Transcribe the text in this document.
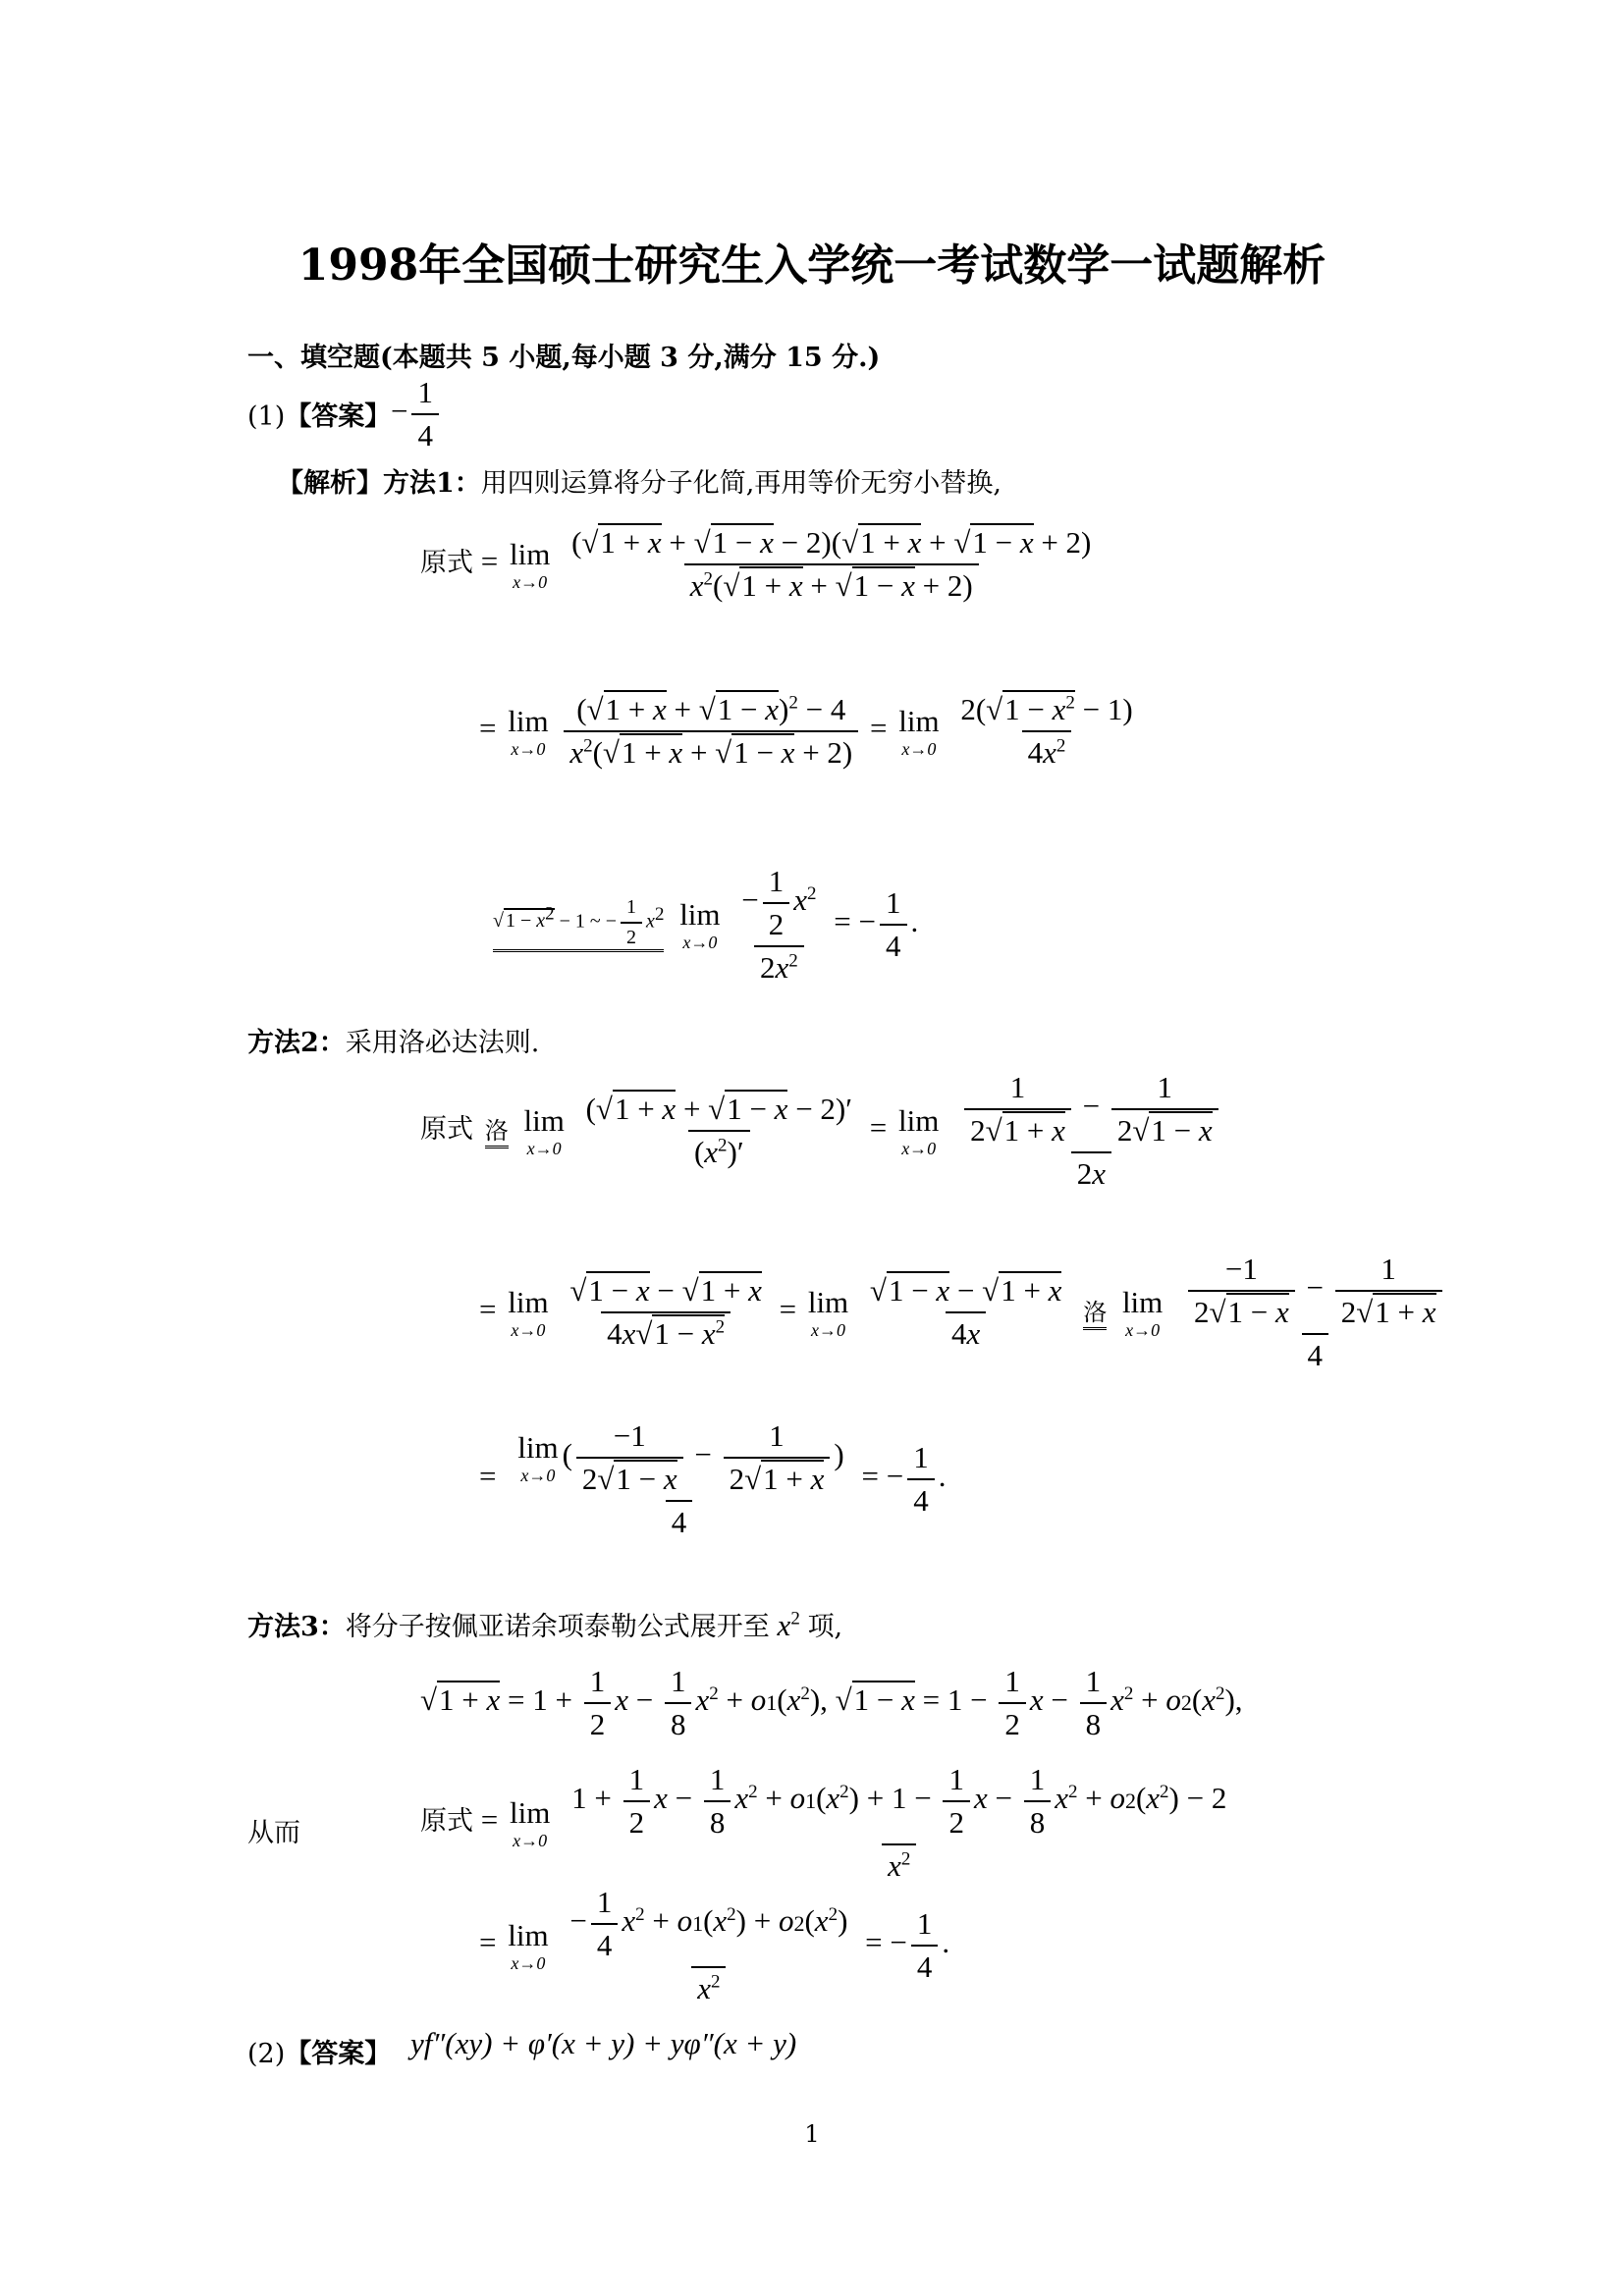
1998年全国硕士研究生入学统一考试数学一试题解析
一、填空题(本题共 5 小题,每小题 3 分,满分 15 分.)
(1)【答案】 − $\frac{1}{4}$
【解析】方法1：用四则运算将分子化简,再用等价无穷小替换,
原式 = lim
x→0
$\frac{( √ 1 + x + √ 1 - x - 2)( √ 1 + x + √ 1 - x + 2)}{x^2( √ 1 + x + √ 1 - x + 2)}$
= lim
x→0
$\frac{( √ 1 + x + √ 1 - x)^2 - 4}{x^2( √ 1 + x + √ 1 - x + 2)} = \lim$
x→0
$\frac{2( √ 1 - x^2 - 1)}{4x^2}$
√ 1 − x2 − 1 ~ − $\frac{1}{2} x2$
lim
x→0
$\frac{- \frac{1}{2} x^2}{2x^2}$ = − $\frac{1}{4}$ .
方法2：采用洛必达法则.
原式 洛
lim
x→0
$\frac{( √ 1 + x + √ 1 - x - 2)'}{(x^2)'} = \lim$
x→0
$\frac{\frac{1}{2 √ 1 + x} - \frac{1}{2 √ 1 - x}}{2x}$
= lim
x→0
√ $\frac{1 - x - √ 1 + x}{4x √ 1 - x^2} = \lim$
x→0
√ $\frac{1 - x - √ 1 + x}{4x}$
洛
lim
x→0
$\frac{\frac{-1}{2 √ 1 - x} - \frac{1}{2 √ 1 + x}}{4}$
= lim
x→0
( $\frac{-1}{2 √ 1 - x} - \frac{1}{2 √ 1 + x}$ )
4 = − $\frac{1}{4}$ .
方法3：将分子按佩亚诺余项泰勒公式展开至 $x^2$ 项,
√ $1 + x = 1 + \frac{1}{2}$ $x - \frac{1}{8} x^2 + o1(x^2)$, √ $1 - x = 1 - \frac{1}{2}$ $x - \frac{1}{8} x^2 + o2(x^2)$,
从而	原式 = lim
x→0
$\frac{1 + \frac{1}{2} x - \frac{1}{8} x^2 + o1(x^2) + 1 - \frac{1}{2} x - \frac{1}{8} x^2 + o2(x^2) - 2}{x^2}$
= lim
x→0
$\frac{- \frac{1}{4} x^2 + o1(x^2) + o2(x^2)}{x^2}$ = − $\frac{1}{4}$ .
(2)【答案】 yf″(xy) + φ′(x + y) + yφ″(x + y)
1
